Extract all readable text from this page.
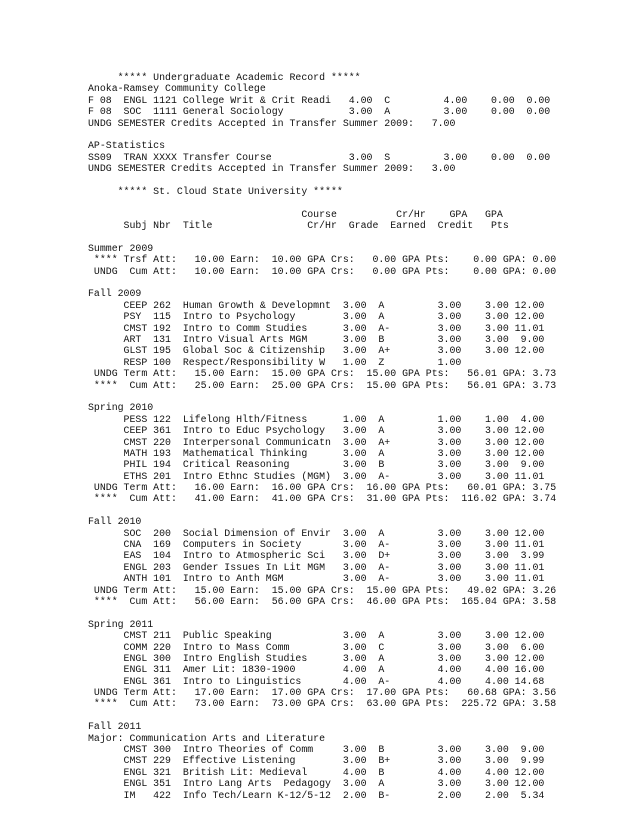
***** Undergraduate Academic Record *****
Anoka-Ramsey Community College
F 08  ENGL 1121 College Writ & Crit Readi   4.00  C         4.00    0.00  0.00
F 08  SOC  1111 General Sociology           3.00  A         3.00    0.00  0.00
UNDG SEMESTER Credits Accepted in Transfer Summer 2009:   7.00
AP-Statistics
SS09  TRAN XXXX Transfer Course             3.00  S         3.00    0.00  0.00
UNDG SEMESTER Credits Accepted in Transfer Summer 2009:   3.00
***** St. Cloud State University *****
Course          Cr/Hr    GPA   GPA
Subj Nbr  Title                Cr/Hr  Grade  Earned  Credit   Pts
Summer 2009
**** Trsf Att:   10.00 Earn:  10.00 GPA Crs:   0.00 GPA Pts:    0.00 GPA: 0.00
UNDG  Cum Att:   10.00 Earn:  10.00 GPA Crs:   0.00 GPA Pts:    0.00 GPA: 0.00
Fall 2009
CEEP 262  Human Growth & Developmnt  3.00  A         3.00    3.00 12.00
PSY  115  Intro to Psychology        3.00  A         3.00    3.00 12.00
CMST 192  Intro to Comm Studies      3.00  A-        3.00    3.00 11.01
ART  131  Intro Visual Arts MGM      3.00  B         3.00    3.00  9.00
GLST 195  Global Soc & Citizenship   3.00  A+        3.00    3.00 12.00
RESP 100  Respect/Responsibility W   1.00  Z         1.00
UNDG Term Att:   15.00 Earn:  15.00 GPA Crs:  15.00 GPA Pts:   56.01 GPA: 3.73
****  Cum Att:   25.00 Earn:  25.00 GPA Crs:  15.00 GPA Pts:   56.01 GPA: 3.73
Spring 2010
PESS 122  Lifelong Hlth/Fitness      1.00  A         1.00    1.00  4.00
CEEP 361  Intro to Educ Psychology   3.00  A         3.00    3.00 12.00
CMST 220  Interpersonal Communicatn  3.00  A+        3.00    3.00 12.00
MATH 193  Mathematical Thinking      3.00  A         3.00    3.00 12.00
PHIL 194  Critical Reasoning         3.00  B         3.00    3.00  9.00
ETHS 201  Intro Ethnc Studies (MGM)  3.00  A-        3.00    3.00 11.01
UNDG Term Att:   16.00 Earn:  16.00 GPA Crs:  16.00 GPA Pts:   60.01 GPA: 3.75
****  Cum Att:   41.00 Earn:  41.00 GPA Crs:  31.00 GPA Pts:  116.02 GPA: 3.74
Fall 2010
SOC  200  Social Dimension of Envir  3.00  A         3.00    3.00 12.00
CNA  169  Computers in Society       3.00  A-        3.00    3.00 11.01
EAS  104  Intro to Atmospheric Sci   3.00  D+        3.00    3.00  3.99
ENGL 203  Gender Issues In Lit MGM   3.00  A-        3.00    3.00 11.01
ANTH 101  Intro to Anth MGM          3.00  A-        3.00    3.00 11.01
UNDG Term Att:   15.00 Earn:  15.00 GPA Crs:  15.00 GPA Pts:   49.02 GPA: 3.26
****  Cum Att:   56.00 Earn:  56.00 GPA Crs:  46.00 GPA Pts:  165.04 GPA: 3.58
Spring 2011
CMST 211  Public Speaking            3.00  A         3.00    3.00 12.00
COMM 220  Intro to Mass Comm         3.00  C         3.00    3.00  6.00
ENGL 300  Intro English Studies      3.00  A         3.00    3.00 12.00
ENGL 311  Amer Lit: 1830-1900        4.00  A         4.00    4.00 16.00
ENGL 361  Intro to Linguistics       4.00  A-        4.00    4.00 14.68
UNDG Term Att:   17.00 Earn:  17.00 GPA Crs:  17.00 GPA Pts:   60.68 GPA: 3.56
****  Cum Att:   73.00 Earn:  73.00 GPA Crs:  63.00 GPA Pts:  225.72 GPA: 3.58
Fall 2011
Major: Communication Arts and Literature
CMST 300  Intro Theories of Comm     3.00  B         3.00    3.00  9.00
CMST 229  Effective Listening        3.00  B+        3.00    3.00  9.99
ENGL 321  British Lit: Medieval      4.00  B         4.00    4.00 12.00
ENGL 351  Intro Lang Arts  Pedagogy  3.00  A         3.00    3.00 12.00
IM   422  Info Tech/Learn K-12/5-12  2.00  B-        2.00    2.00  5.34
